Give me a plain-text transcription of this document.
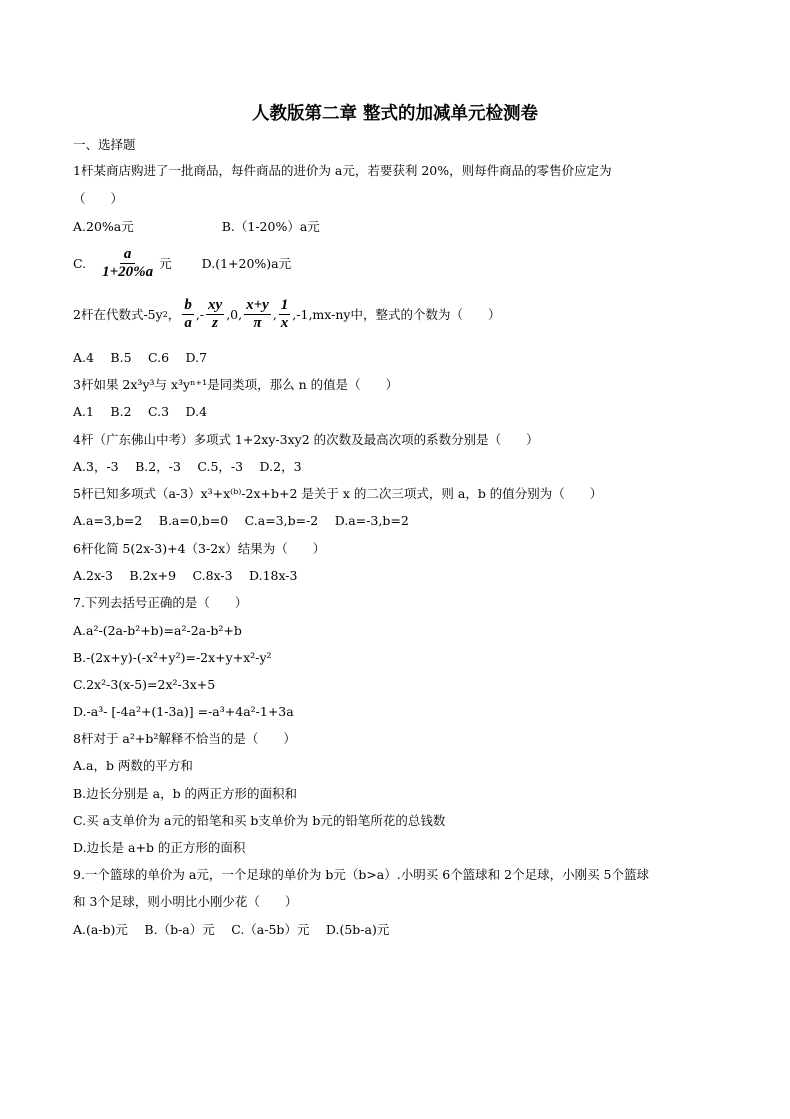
人教版第二章 整式的加减单元检测卷
一、选择题
1杆某商店购进了一批商品，每件商品的进价为 a元，若要获利 20%，则每件商品的零售价应定为
（　　）
A.20%a元	B.（1-20%）a元
C. $\frac{a}{1+20\%a}$ 元 D.(1+20%)a元
2杆在代数式-5y 2 ， $\frac{b}{a}$ ,- $\frac{xy}{z} ,0$, $\frac{x+y}{\pi}$ , $\frac{1}{x} ,-1,mx-ny$中，整式的个数为（　　）
A.4　 B.5　 C.6　 D.7
3杆如果 2x³y³与 x³yⁿ⁺¹是同类项，那么 n 的值是（　　）
A.1　 B.2　 C.3　 D.4
4杆（广东佛山中考）多项式 1+2xy-3xy2 的次数及最高次项的系数分别是（　　）
A.3，-3　 B.2，-3　 C.5，-3　 D.2，3
5杆已知多项式（a-3）x³+x⁽ᵇ⁾-2x+b+2 是关于 x 的二次三项式，则 a，b 的值分别为（　　）
A.a=3,b=2　 B.a=0,b=0　 C.a=3,b=-2　 D.a=-3,b=2
6杆化简 5(2x-3)+4（3-2x）结果为（　　）
A.2x-3　 B.2x+9　 C.8x-3　 D.18x-3
7.下列去括号正确的是（　　）
A.a²-(2a-b²+b)=a²-2a-b²+b
B.-(2x+y)-(-x²+y²)=-2x+y+x²-y²
C.2x²-3(x-5)=2x²-3x+5
D.-a³- [-4a²+(1-3a)] =-a³+4a²-1+3a
8杆对于 a²+b²解释不恰当的是（　　）
A.a，b 两数的平方和
B.边长分别是 a，b 的两正方形的面积和
C.买 a支单价为 a元的铅笔和买 b支单价为 b元的铅笔所花的总钱数
D.边长是 a+b 的正方形的面积
9.一个篮球的单价为 a元，一个足球的单价为 b元（b>a）.小明买 6个篮球和 2个足球，小刚买 5个篮球
和 3个足球，则小明比小刚少花（　　）
A.(a-b)元　 B.（b-a）元　 C.（a-5b）元　 D.(5b-a)元
